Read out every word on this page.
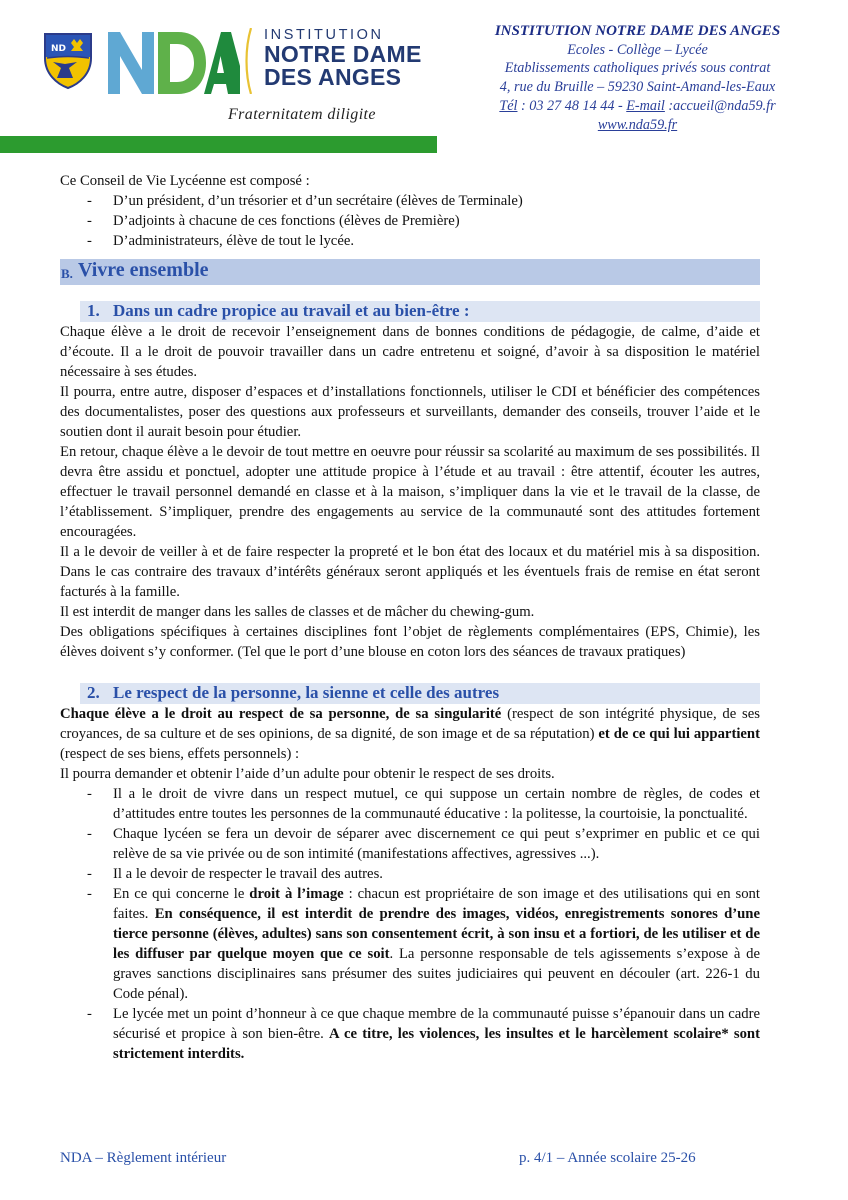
ND
INSTITUTION
NOTRE DAME
DES ANGES
Fraternitatem diligite
INSTITUTION NOTRE DAME DES ANGES
Ecoles - Collège – Lycée
Etablissements catholiques privés sous contrat
4, rue du Bruille – 59230 Saint-Amand-les-Eaux
Tél : 03 27 48 14 44 - E-mail :accueil@nda59.fr
www.nda59.fr

Ce Conseil de Vie Lycéenne est composé :

- D’un président, d’un trésorier et d’un secrétaire (élèves de Terminale)
- D’adjoints à chacune de ces fonctions (élèves de Première)
- D’administrateurs, élève de tout le lycée.
B. Vivre ensemble
1. Dans un cadre propice au travail et au bien-être :

Chaque élève a le droit de recevoir l’enseignement dans de bonnes conditions de pédagogie, de calme, d’aide et d’écoute. Il a le droit de pouvoir travailler dans un cadre entretenu et soigné, d’avoir à sa disposition le matériel nécessaire à ses études.

Il pourra, entre autre, disposer d’espaces et d’installations fonctionnels, utiliser le CDI et bénéficier des compétences des documentalistes, poser des questions aux professeurs et surveillants, demander des conseils, trouver l’aide et le soutien dont il aurait besoin pour étudier.

En retour, chaque élève a le devoir de tout mettre en oeuvre pour réussir sa scolarité au maximum de ses possibilités. Il devra être assidu et ponctuel, adopter une attitude propice à l’étude et au travail : être attentif, écouter les autres, effectuer le travail personnel demandé en classe et à la maison, s’impliquer dans la vie et le travail de la classe, de l’établissement. S’impliquer, prendre des engagements au service de la communauté sont des attitudes fortement encouragées.

Il a le devoir de veiller à et de faire respecter la propreté et le bon état des locaux et du matériel mis à sa disposition. Dans le cas contraire des travaux d’intérêts généraux seront appliqués et les éventuels frais de remise en état seront facturés à la famille.

Il est interdit de manger dans les salles de classes et de mâcher du chewing-gum.

Des obligations spécifiques à certaines disciplines font l’objet de règlements complémentaires (EPS, Chimie), les élèves doivent s’y conformer. (Tel que le port d’une blouse en coton lors des séances de travaux pratiques)

2. Le respect de la personne, la sienne et celle des autres

Chaque élève a le droit au respect de sa personne, de sa singularité (respect de son intégrité physique, de ses croyances, de sa culture et de ses opinions, de sa dignité, de son image et de sa réputation) et de ce qui lui appartient (respect de ses biens, effets personnels) :

Il pourra demander et obtenir l’aide d’un adulte pour obtenir le respect de ses droits.

- Il a le droit de vivre dans un respect mutuel, ce qui suppose un certain nombre de règles, de codes et d’attitudes entre toutes les personnes de la communauté éducative : la politesse, la courtoisie, la ponctualité.
- Chaque lycéen se fera un devoir de séparer avec discernement ce qui peut s’exprimer en public et ce qui relève de sa vie privée ou de son intimité (manifestations affectives, agressives ...).
- Il a le devoir de respecter le travail des autres.
- En ce qui concerne le droit à l’image : chacun est propriétaire de son image et des utilisations qui en sont faites. En conséquence, il est interdit de prendre des images, vidéos, enregistrements sonores d’une tierce personne (élèves, adultes) sans son consentement écrit, à son insu et a fortiori, de les utiliser et de les diffuser par quelque moyen que ce soit. La personne responsable de tels agissements s’expose à de graves sanctions disciplinaires sans présumer des suites judiciaires qui peuvent en découler (art. 226-1 du Code pénal).
- Le lycée met un point d’honneur à ce que chaque membre de la communauté puisse s’épanouir dans un cadre sécurisé et propice à son bien-être. A ce titre, les violences, les insultes et le harcèlement scolaire* sont strictement interdits.
NDA – Règlement intérieur	p. 4/1 – Année scolaire 25-26
